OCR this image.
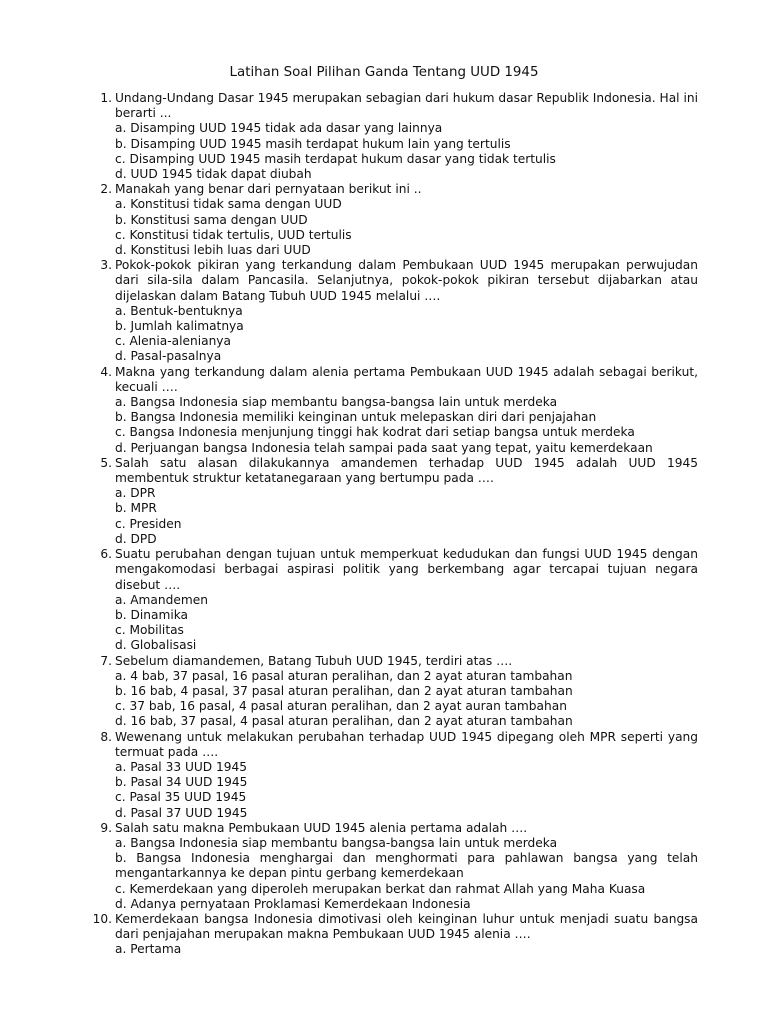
Latihan Soal Pilihan Ganda Tentang UUD 1945
1. Undang-Undang Dasar 1945 merupakan sebagian dari hukum dasar Republik Indonesia. Hal ini berarti ...
a. Disamping UUD 1945 tidak ada dasar yang lainnya
b. Disamping UUD 1945 masih terdapat hukum lain yang tertulis
c. Disamping UUD 1945 masih terdapat hukum dasar yang tidak tertulis
d. UUD 1945 tidak dapat diubah
2. Manakah yang benar dari pernyataan berikut ini ..
a. Konstitusi tidak sama dengan UUD
b. Konstitusi sama dengan UUD
c. Konstitusi tidak tertulis, UUD tertulis
d. Konstitusi lebih luas dari UUD
3. Pokok-pokok pikiran yang terkandung dalam Pembukaan UUD 1945 merupakan perwujudan dari sila-sila dalam Pancasila. Selanjutnya, pokok-pokok pikiran tersebut dijabarkan atau dijelaskan dalam Batang Tubuh UUD 1945 melalui ….
a. Bentuk-bentuknya
b. Jumlah kalimatnya
c. Alenia-alenianya
d. Pasal-pasalnya
4. Makna yang terkandung dalam alenia pertama Pembukaan UUD 1945 adalah sebagai berikut, kecuali ….
a. Bangsa Indonesia siap membantu bangsa-bangsa lain untuk merdeka
b. Bangsa Indonesia memiliki keinginan untuk melepaskan diri dari penjajahan
c. Bangsa Indonesia menjunjung tinggi hak kodrat dari setiap bangsa untuk merdeka
d. Perjuangan bangsa Indonesia telah sampai pada saat yang tepat, yaitu kemerdekaan
5. Salah satu alasan dilakukannya amandemen terhadap UUD 1945 adalah UUD 1945 membentuk struktur ketatanegaraan yang bertumpu pada ….
a. DPR
b. MPR
c. Presiden
d. DPD
6. Suatu perubahan dengan tujuan untuk memperkuat kedudukan dan fungsi UUD 1945 dengan mengakomodasi berbagai aspirasi politik yang berkembang agar tercapai tujuan negara disebut ….
a. Amandemen
b. Dinamika
c. Mobilitas
d. Globalisasi
7. Sebelum diamandemen, Batang Tubuh UUD 1945, terdiri atas ….
a. 4 bab, 37 pasal, 16 pasal aturan peralihan, dan 2 ayat aturan tambahan
b. 16 bab, 4 pasal, 37 pasal aturan peralihan, dan 2 ayat aturan tambahan
c. 37 bab, 16 pasal, 4 pasal aturan peralihan, dan 2 ayat auran tambahan
d. 16 bab, 37 pasal, 4 pasal aturan peralihan, dan 2 ayat aturan tambahan
8. Wewenang untuk melakukan perubahan terhadap UUD 1945 dipegang oleh MPR seperti yang termuat pada ….
a. Pasal 33 UUD 1945
b. Pasal 34 UUD 1945
c. Pasal 35 UUD 1945
d. Pasal 37 UUD 1945
9. Salah satu makna Pembukaan UUD 1945 alenia pertama adalah ….
a. Bangsa Indonesia siap membantu bangsa-bangsa lain untuk merdeka
b. Bangsa Indonesia menghargai dan menghormati para pahlawan bangsa yang telah mengantarkannya ke depan pintu gerbang kemerdekaan
c. Kemerdekaan yang diperoleh merupakan berkat dan rahmat Allah yang Maha Kuasa
d. Adanya pernyataan Proklamasi Kemerdekaan Indonesia
10. Kemerdekaan bangsa Indonesia dimotivasi oleh keinginan luhur untuk menjadi suatu bangsa dari penjajahan merupakan makna Pembukaan UUD 1945 alenia ….
a. Pertama
